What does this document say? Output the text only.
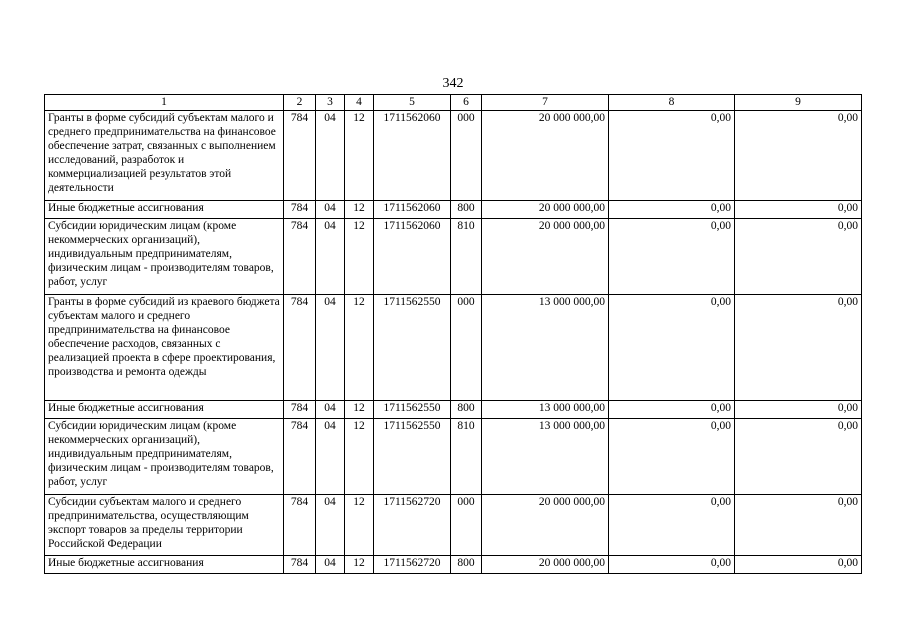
342
1	2	3	4	5	6	7	8	9
Гранты в форме субсидий субъектам малого и среднего предпринимательства на финансовое обеспечение затрат, связанных с выполнением исследований, разработок и коммерциализацией результатов этой деятельности	784	04	12	1711562060	000	20 000 000,00	0,00	0,00
Иные бюджетные ассигнования	784	04	12	1711562060	800	20 000 000,00	0,00	0,00
Субсидии юридическим лицам (кроме некоммерческих организаций), индивидуальным предпринимателям, физическим лицам - производителям товаров, работ, услуг	784	04	12	1711562060	810	20 000 000,00	0,00	0,00
Гранты в форме субсидий из краевого бюджета субъектам малого и среднего предпринимательства на финансовое обеспечение расходов, связанных с реализацией проекта в сфере проектирования, производства и ремонта одежды	784	04	12	1711562550	000	13 000 000,00	0,00	0,00
Иные бюджетные ассигнования	784	04	12	1711562550	800	13 000 000,00	0,00	0,00
Субсидии юридическим лицам (кроме некоммерческих организаций), индивидуальным предпринимателям, физическим лицам - производителям товаров, работ, услуг	784	04	12	1711562550	810	13 000 000,00	0,00	0,00
Субсидии субъектам малого и среднего предпринимательства, осуществляющим экспорт товаров за пределы территории Российской Федерации	784	04	12	1711562720	000	20 000 000,00	0,00	0,00
Иные бюджетные ассигнования	784	04	12	1711562720	800	20 000 000,00	0,00	0,00
